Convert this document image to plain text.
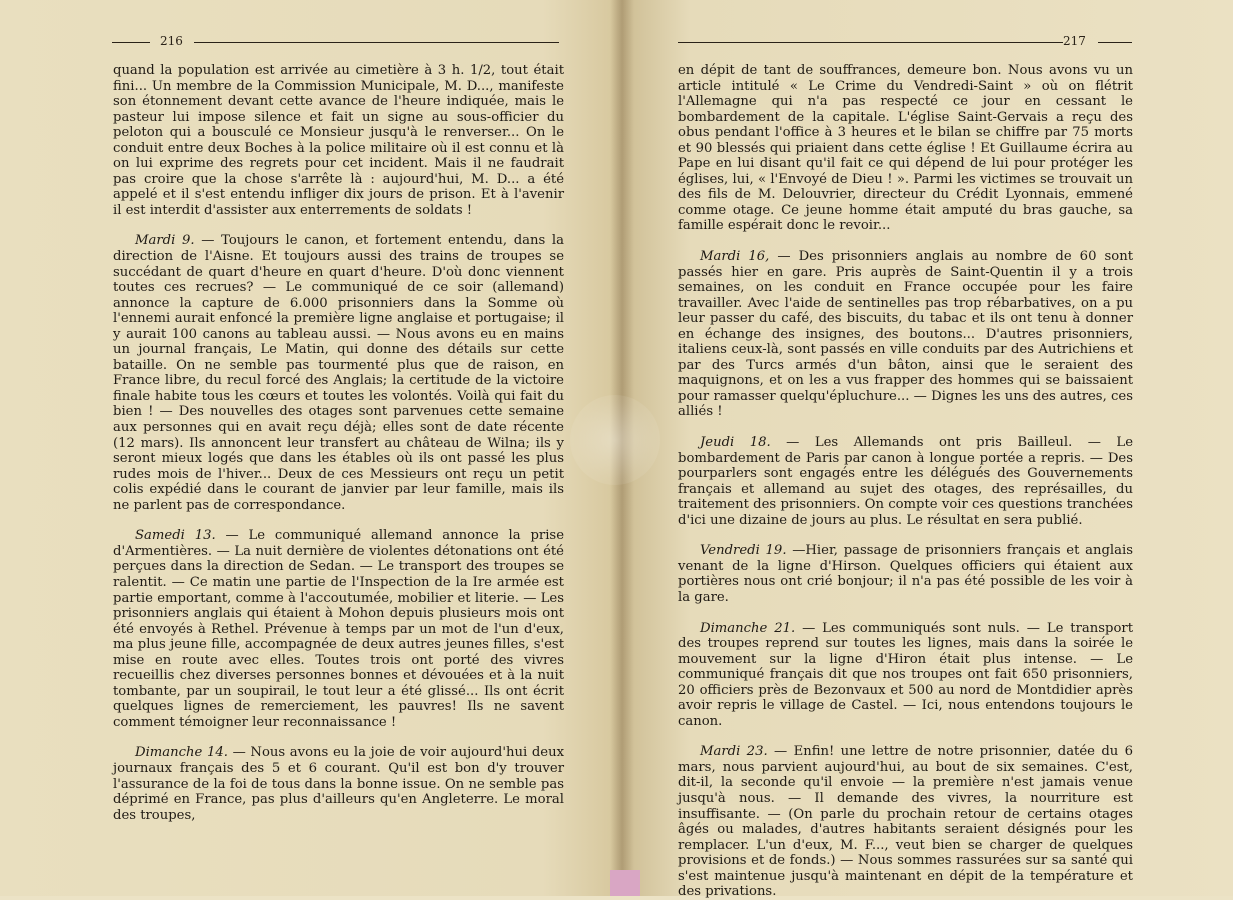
216

quand la population est arrivée au cimetière à 3 h. 1/2, tout était fini... Un membre de la Commission Municipale, M. D..., manifeste son étonnement devant cette avance de l'heure indiquée, mais le pasteur lui impose silence et fait un signe au sous-officier du peloton qui a bousculé ce Monsieur jusqu'à le renverser... On le conduit entre deux Boches à la police militaire où il est connu et là on lui exprime des regrets pour cet incident. Mais il ne faudrait pas croire que la chose s'arrête là : aujourd'hui, M. D... a été appelé et il s'est entendu infliger dix jours de prison. Et à l'avenir il est interdit d'assister aux enterrements de soldats !

Mardi 9. — Toujours le canon, et fortement entendu, dans la direction de l'Aisne. Et toujours aussi des trains de troupes se succédant de quart d'heure en quart d'heure. D'où donc viennent toutes ces recrues? — Le communiqué de ce soir (allemand) annonce la capture de 6.000 prisonniers dans la Somme où l'ennemi aurait enfoncé la première ligne anglaise et portugaise; il y aurait 100 canons au tableau aussi. — Nous avons eu en mains un journal français, Le Matin, qui donne des détails sur cette bataille. On ne semble pas tourmenté plus que de raison, en France libre, du recul forcé des Anglais; la certitude de la victoire finale habite tous les cœurs et toutes les volontés. Voilà qui fait du bien ! — Des nouvelles des otages sont parvenues cette semaine aux personnes qui en avait reçu déjà; elles sont de date récente (12 mars). Ils annoncent leur transfert au château de Wilna; ils y seront mieux logés que dans les étables où ils ont passé les plus rudes mois de l'hiver... Deux de ces Messieurs ont reçu un petit colis expédié dans le courant de janvier par leur famille, mais ils ne parlent pas de correspondance.

Samedi 13. — Le communiqué allemand annonce la prise d'Armentières. — La nuit dernière de violentes détonations ont été perçues dans la direction de Sedan. — Le transport des troupes se ralentit. — Ce matin une partie de l'Inspection de la Ire armée est partie emportant, comme à l'accoutumée, mobilier et literie. — Les prisonniers anglais qui étaient à Mohon depuis plusieurs mois ont été envoyés à Rethel. Prévenue à temps par un mot de l'un d'eux, ma plus jeune fille, accompagnée de deux autres jeunes filles, s'est mise en route avec elles. Toutes trois ont porté des vivres recueillis chez diverses personnes bonnes et dévouées et à la nuit tombante, par un soupirail, le tout leur a été glissé... Ils ont écrit quelques lignes de remerciement, les pauvres! Ils ne savent comment témoigner leur reconnaissance !

Dimanche 14. — Nous avons eu la joie de voir aujourd'hui deux journaux français des 5 et 6 courant. Qu'il est bon d'y trouver l'assurance de la foi de tous dans la bonne issue. On ne semble pas déprimé en France, pas plus d'ailleurs qu'en Angleterre. Le moral des troupes,

217

en dépit de tant de souffrances, demeure bon. Nous avons vu un article intitulé « Le Crime du Vendredi-Saint » où on flétrit l'Allemagne qui n'a pas respecté ce jour en cessant le bombardement de la capitale. L'église Saint-Gervais a reçu des obus pendant l'office à 3 heures et le bilan se chiffre par 75 morts et 90 blessés qui priaient dans cette église ! Et Guillaume écrira au Pape en lui disant qu'il fait ce qui dépend de lui pour protéger les églises, lui, « l'Envoyé de Dieu ! ». Parmi les victimes se trouvait un des fils de M. Delouvrier, directeur du Crédit Lyonnais, emmené comme otage. Ce jeune homme était amputé du bras gauche, sa famille espérait donc le revoir...

Mardi 16, — Des prisonniers anglais au nombre de 60 sont passés hier en gare. Pris auprès de Saint-Quentin il y a trois semaines, on les conduit en France occupée pour les faire travailler. Avec l'aide de sentinelles pas trop rébarbatives, on a pu leur passer du café, des biscuits, du tabac et ils ont tenu à donner en échange des insignes, des boutons... D'autres prisonniers, italiens ceux-là, sont passés en ville conduits par des Autrichiens et par des Turcs armés d'un bâton, ainsi que le seraient des maquignons, et on les a vus frapper des hommes qui se baissaient pour ramasser quelqu'épluchure... — Dignes les uns des autres, ces alliés !

Jeudi 18. — Les Allemands ont pris Bailleul. — Le bombardement de Paris par canon à longue portée a repris. — Des pourparlers sont engagés entre les délégués des Gouvernements français et allemand au sujet des otages, des représailles, du traitement des prisonniers. On compte voir ces questions tranchées d'ici une dizaine de jours au plus. Le résultat en sera publié.

Vendredi 19. —Hier, passage de prisonniers français et anglais venant de la ligne d'Hirson. Quelques officiers qui étaient aux portières nous ont crié bonjour; il n'a pas été possible de les voir à la gare.

Dimanche 21. — Les communiqués sont nuls. — Le transport des troupes reprend sur toutes les lignes, mais dans la soirée le mouvement sur la ligne d'Hiron était plus intense. — Le communiqué français dit que nos troupes ont fait 650 prisonniers, 20 officiers près de Bezonvaux et 500 au nord de Montdidier après avoir repris le village de Castel. — Ici, nous entendons toujours le canon.

Mardi 23. — Enfin! une lettre de notre prisonnier, datée du 6 mars, nous parvient aujourd'hui, au bout de six semaines. C'est, dit-il, la seconde qu'il envoie — la première n'est jamais venue jusqu'à nous. — Il demande des vivres, la nourriture est insuffisante. — (On parle du prochain retour de certains otages âgés ou malades, d'autres habitants seraient désignés pour les remplacer. L'un d'eux, M. F..., veut bien se charger de quelques provisions et de fonds.) — Nous sommes rassurées sur sa santé qui s'est maintenue jusqu'à maintenant en dépit de la température et des privations.
